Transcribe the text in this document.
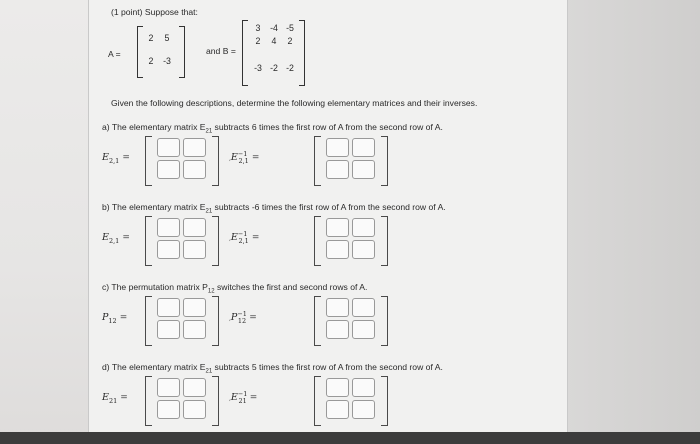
(1 point) Suppose that:
A =
2	5
2	-3
and B =
3	-4 -5
2	4	2
-3 -2 -2
Given the following descriptions, determine the following elementary matrices and their inverses.
a) The elementary matrix $E_{21}$ subtracts 6 times the first row of A from the second row of A.
$E_{2,1}$ =	$,E^{-1}_{2,1}$ =
b) The elementary matrix $E_{21}$ subtracts -6 times the first row of A from the second row of A.
$E_{2,1}$ =	$,E^{-1}_{2,1}$ =
c) The permutation matrix $P_{12}$ switches the first and second rows of A.
$P_{12}$ =	$,P^{-1}_{12}$ =
d) The elementary matrix $E_{21}$ subtracts 5 times the first row of A from the second row of A.
$E_{21}$ =	$,E^{-1}_{21}$ =
